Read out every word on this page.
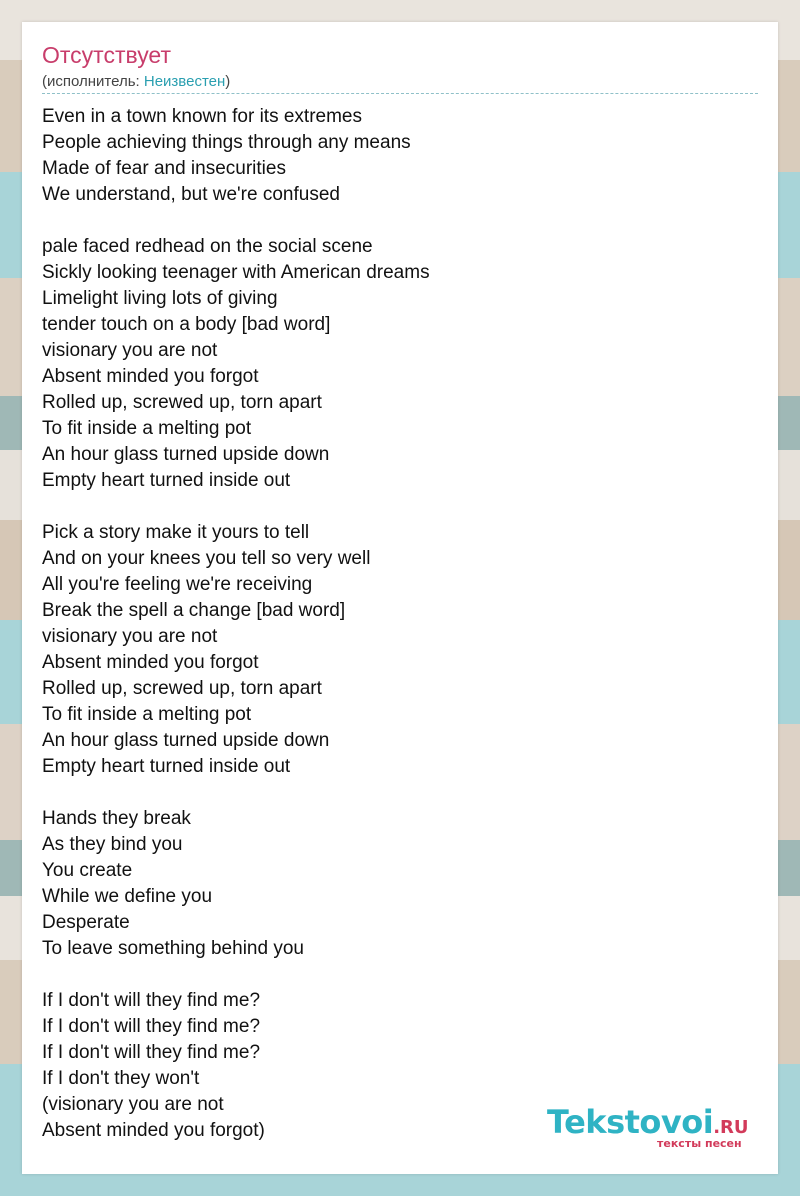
Отсутствует
(исполнитель: Неизвестен)
Even in a town known for its extremes
People achieving things through any means
Made of fear and insecurities
We understand, but we're confused
pale faced redhead on the social scene
Sickly looking teenager with American dreams
Limelight living lots of giving
tender touch on a body [bad word]
visionary you are not
Absent minded you forgot
Rolled up, screwed up, torn apart
To fit inside a melting pot
An hour glass turned upside down
Empty heart turned inside out
Pick a story make it yours to tell
And on your knees you tell so very well
All you're feeling we're receiving
Break the spell a change [bad word]
visionary you are not
Absent minded you forgot
Rolled up, screwed up, torn apart
To fit inside a melting pot
An hour glass turned upside down
Empty heart turned inside out
Hands they break
As they bind you
You create
While we define you
Desperate
To leave something behind you
If I don't will they find me?
If I don't will they find me?
If I don't will they find me?
If I don't they won't
(visionary you are not
Absent minded you forgot)	Tekstovoi.RU
тексты песен
